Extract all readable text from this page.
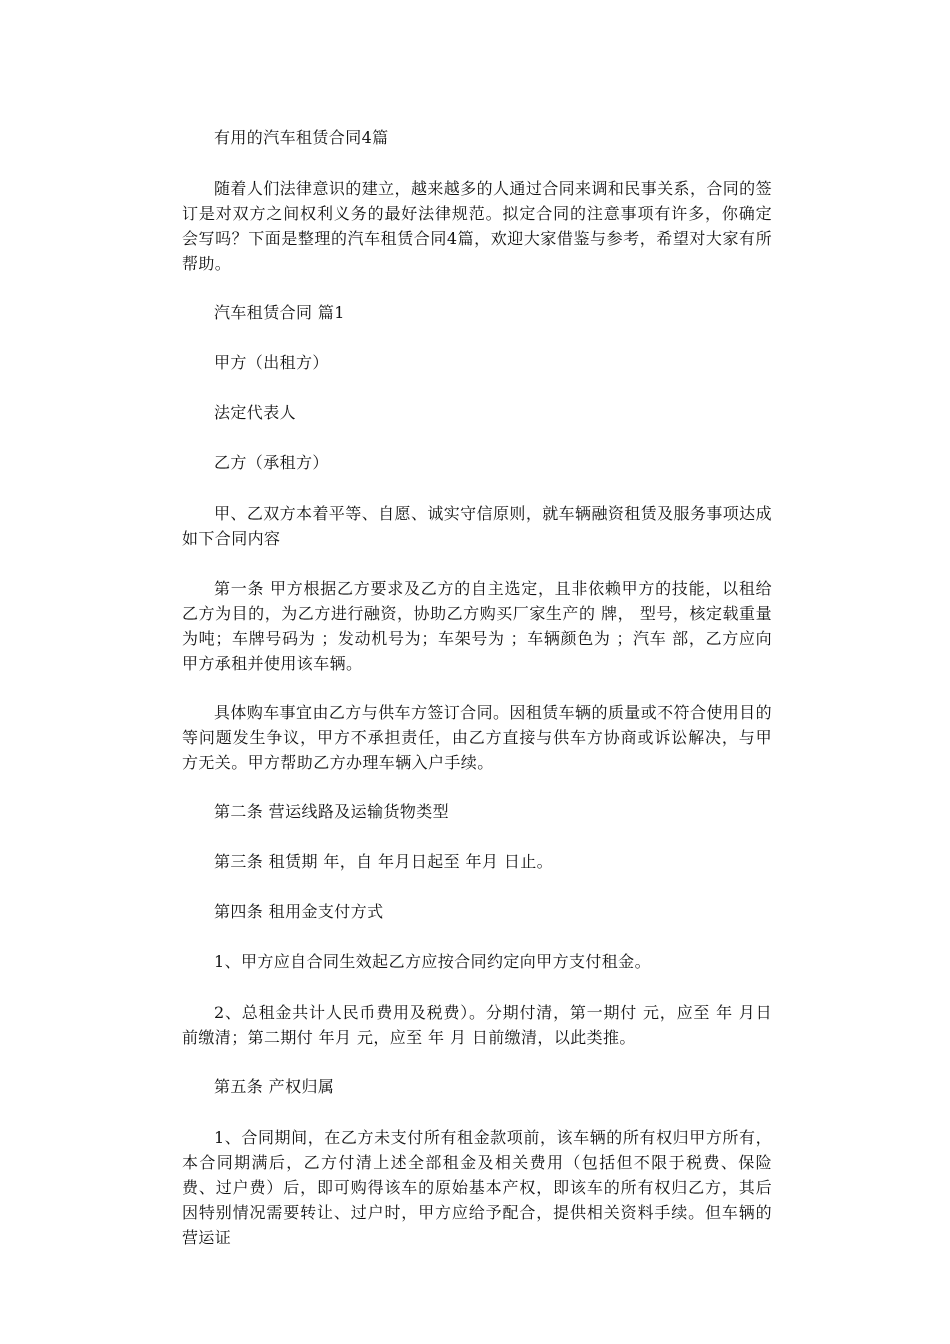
有用的汽车租赁合同4篇

随着人们法律意识的建立，越来越多的人通过合同来调和民事关系，合同的签订是对双方之间权利义务的最好法律规范。拟定合同的注意事项有许多，你确定会写吗？下面是整理的汽车租赁合同4篇，欢迎大家借鉴与参考，希望对大家有所帮助。

汽车租赁合同 篇1

甲方（出租方）

法定代表人

乙方（承租方）

甲、乙双方本着平等、自愿、诚实守信原则，就车辆融资租赁及服务事项达成如下合同内容

第一条 甲方根据乙方要求及乙方的自主选定，且非依赖甲方的技能，以租给乙方为目的，为乙方进行融资，协助乙方购买厂家生产的 牌， 型号，核定载重量为吨；车牌号码为 ；发动机号为；车架号为 ；车辆颜色为 ；汽车 部，乙方应向甲方承租并使用该车辆。

具体购车事宜由乙方与供车方签订合同。因租赁车辆的质量或不符合使用目的等问题发生争议，甲方不承担责任，由乙方直接与供车方协商或诉讼解决，与甲方无关。甲方帮助乙方办理车辆入户手续。

第二条 营运线路及运输货物类型

第三条 租赁期 年，自 年月日起至 年月 日止。

第四条 租用金支付方式

1、甲方应自合同生效起乙方应按合同约定向甲方支付租金。

2、总租金共计人民币费用及税费）。分期付清，第一期付 元，应至 年 月日前缴清；第二期付 年月 元，应至 年 月 日前缴清，以此类推。

第五条 产权归属

1、合同期间，在乙方未支付所有租金款项前，该车辆的所有权归甲方所有，本合同期满后，乙方付清上述全部租金及相关费用（包括但不限于税费、保险费、过户费）后，即可购得该车的原始基本产权，即该车的所有权归乙方，其后因特别情况需要转让、过户时，甲方应给予配合，提供相关资料手续。但车辆的营运证
